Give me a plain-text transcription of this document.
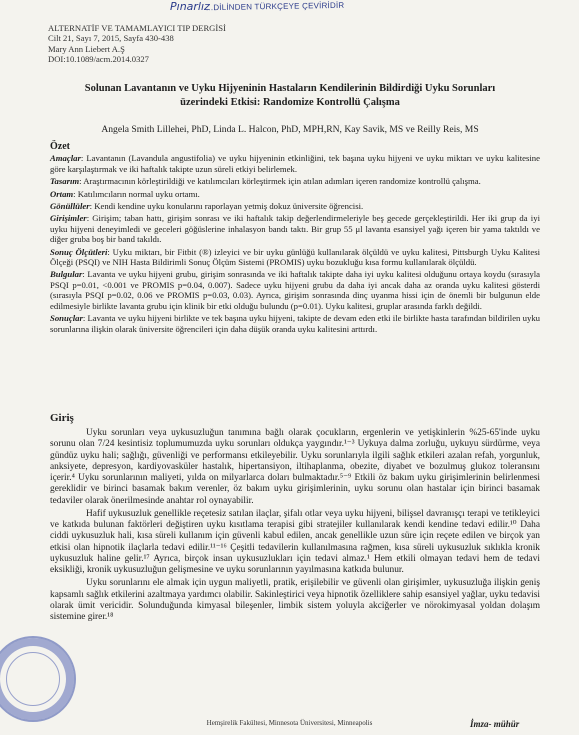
Pınarlız
...DİLİNDEN TÜRKÇEYE ÇEVİRİDİR
ALTERNATİF VE TAMAMLAYICI TIP DERGİSİ
Cilt 21, Sayı 7, 2015, Sayfa 430-438
Mary Ann Liebert A.Ş
DOI:10.1089/acm.2014.0327
Solunan Lavantanın ve Uyku Hijyeninin Hastaların Kendilerinin Bildirdiği Uyku Sorunları
üzerindeki Etkisi: Randomize Kontrollü Çalışma
Angela Smith Lillehei, PhD, Linda L. Halcon, PhD, MPH,RN, Kay Savik, MS ve Reilly Reis, MS
Özet

Amaçlar: Lavantanın (Lavandula angustifolia) ve uyku hijyeninin etkinliğini, tek başına uyku hijyeni ve uyku miktarı ve uyku kalitesine göre karşılaştırmak ve iki haftalık takipte uzun süreli etkiyi belirlemek.

Tasarım: Araştırmacının körleştirildiği ve katılımcıları körleştirmek için atılan adımları içeren randomize kontrollü çalışma.

Ortam: Katılımcıların normal uyku ortamı.

Gönüllüler: Kendi kendine uyku konularını raporlayan yetmiş dokuz üniversite öğrencisi.

Girişimler: Girişim; taban hattı, girişim sonrası ve iki haftalık takip değerlendirmeleriyle beş gecede gerçekleştirildi. Her iki grup da iyi uyku hijyeni deneyimledi ve geceleri göğüslerine inhalasyon bandı taktı. Bir grup 55 μl lavanta esansiyel yağı içeren bir yama taktıldı ve diğer gruba boş bir band takıldı.

Sonuç Ölçütleri: Uyku miktarı, bir Fitbit (®) izleyici ve bir uyku günlüğü kullanılarak ölçüldü ve uyku kalitesi, Pittsburgh Uyku Kalitesi Ölçeği (PSQI) ve NIH Hasta Bildirimli Sonuç Ölçüm Sistemi (PROMIS) uyku bozukluğu kısa formu kullanılarak ölçüldü.

Bulgular: Lavanta ve uyku hijyeni grubu, girişim sonrasında ve iki haftalık takipte daha iyi uyku kalitesi olduğunu ortaya koydu (sırasıyla PSQI p=0.01, <0.001 ve PROMIS p=0.04, 0.007). Sadece uyku hijyeni grubu da daha iyi ancak daha az oranda uyku kalitesi gösterdi (sırasıyla PSQI p=0.02, 0.06 ve PROMIS p=0.03, 0.03). Ayrıca, girişim sonrasında dinç uyanma hissi için de önemli bir bulgunun elde edilmesiyle birlikte lavanta grubu için klinik bir etki olduğu bulundu (p=0.01). Uyku kalitesi, gruplar arasında farklı değildi.

Sonuçlar: Lavanta ve uyku hijyeni birlikte ve tek başına uyku hijyeni, takipte de devam eden etki ile birlikte hasta tarafından bildirilen uyku sorunlarına ilişkin olarak üniversite öğrencileri için daha düşük oranda uyku kalitesini arttırdı.

Giriş

Uyku sorunları veya uykusuzluğun tanımına bağlı olarak çocukların, ergenlerin ve yetişkinlerin %25-65'inde uyku sorunu olan 7/24 kesintisiz toplumumuzda uyku sorunları oldukça yaygındır.¹⁻³ Uykuya dalma zorluğu, uykuyu sürdürme, veya gündüz uyku hali; sağlığı, güvenliği ve performansı etkileyebilir. Uyku sorunlarıyla ilgili sağlık etkileri azalan refah, yorgunluk, anksiyete, depresyon, kardiyovasküler hastalık, hipertansiyon, iltihaplanma, obezite, diyabet ve bozulmuş glukoz toleransını içerir.⁴ Uyku sorunlarının maliyeti, yılda on milyarlarca doları bulmaktadır.⁵⁻⁹ Etkili öz bakım uyku girişimlerinin belirlenmesi gereklidir ve birinci basamak bakım verenler, öz bakım uyku girişimlerinin, uyku sorunu olan hastalar için birinci basamak tedaviler olarak önerilmesinde anahtar rol oynayabilir.

Hafif uykusuzluk genellikle reçetesiz satılan ilaçlar, şifalı otlar veya uyku hijyeni, bilişsel davranışçı terapi ve tetikleyici ve katkıda bulunan faktörleri değiştiren uyku kısıtlama terapisi gibi stratejiler kullanılarak kendi kendine tedavi edilir.¹⁰ Daha ciddi uykusuzluk hali, kısa süreli kullanım için güvenli kabul edilen, ancak genellikle uzun süre için reçete edilen ve birçok yan etkisi olan hipnotik ilaçlarla tedavi edilir.¹¹⁻¹⁶ Çeşitli tedavilerin kullanılmasına rağmen, kısa süreli uykusuzluk sıklıkla kronik uykusuzluk haline gelir.¹⁷ Ayrıca, birçok insan uykusuzlukları için tedavi almaz.¹ Hem etkili olmayan tedavi hem de tedavi eksikliği, kronik uykusuzluğun gelişmesine ve uyku sorunlarının yayılmasına katkıda bulunur.

Uyku sorunlarını ele almak için uygun maliyetli, pratik, erişilebilir ve güvenli olan girişimler, uykusuzluğa ilişkin geniş kapsamlı sağlık etkilerini azaltmaya yardımcı olabilir. Sakinleştirici veya hipnotik özelliklere sahip esansiyel yağlar, uyku tedavisi olarak ümit vericidir. Solunduğunda kimyasal bileşenler, limbik sistem yoluyla akciğerler ve nörokimyasal yoldan dolaşım sistemine girer.¹⁸

Hemşirelik Fakültesi, Minnesota Üniversitesi, Minneapolis	İmza- mühür
